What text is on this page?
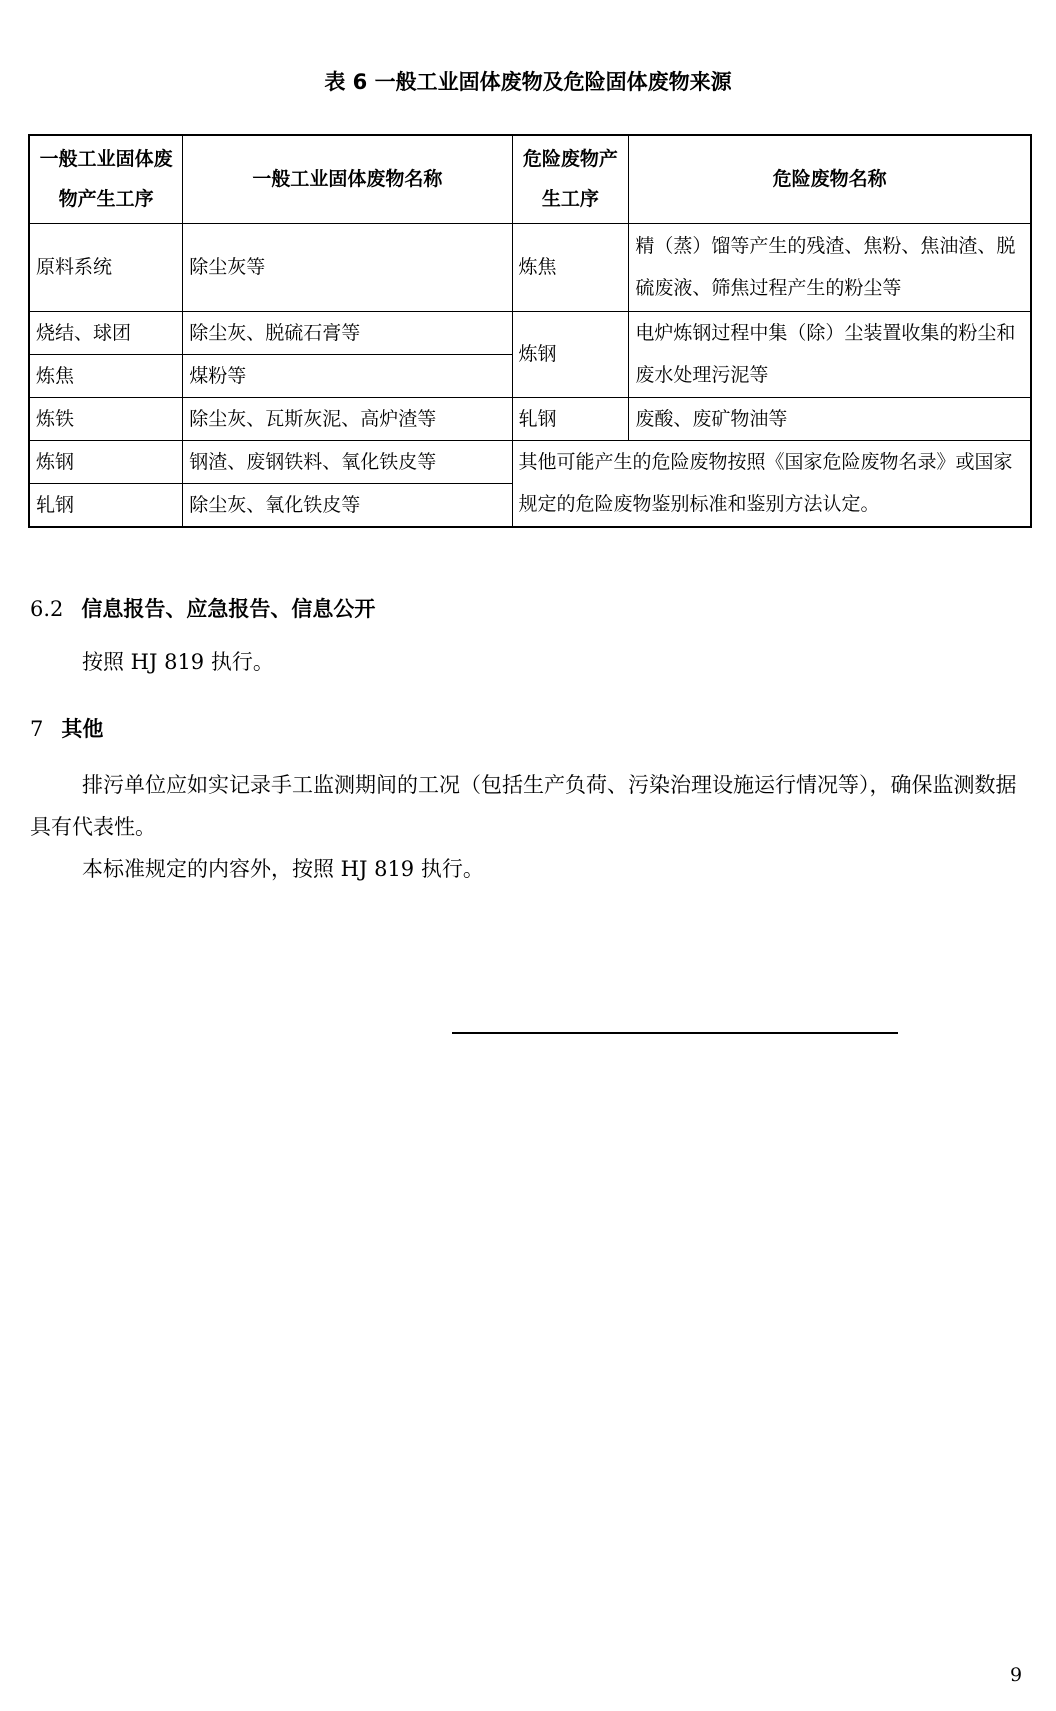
表 6 一般工业固体废物及危险固体废物来源
一般工业固体废物产生工序	一般工业固体废物名称	危险废物产生工序	危险废物名称
原料系统	除尘灰等	炼焦	精（蒸）馏等产生的残渣、焦粉、焦油渣、脱硫废液、筛焦过程产生的粉尘等
烧结、球团	除尘灰、脱硫石膏等	炼钢	电炉炼钢过程中集（除）尘装置收集的粉尘和废水处理污泥等
炼焦	煤粉等		
炼铁	除尘灰、瓦斯灰泥、高炉渣等	轧钢	废酸、废矿物油等
炼钢	钢渣、废钢铁料、氧化铁皮等	其他可能产生的危险废物按照《国家危险废物名录》或国家规定的危险废物鉴别标准和鉴别方法认定。	
轧钢	除尘灰、氧化铁皮等		
6.2 信息报告、应急报告、信息公开
按照 HJ 819 执行。
7 其他
排污单位应如实记录手工监测期间的工况（包括生产负荷、污染治理设施运行情况等），确保监测数据具有代表性。
本标准规定的内容外，按照 HJ 819 执行。
9
